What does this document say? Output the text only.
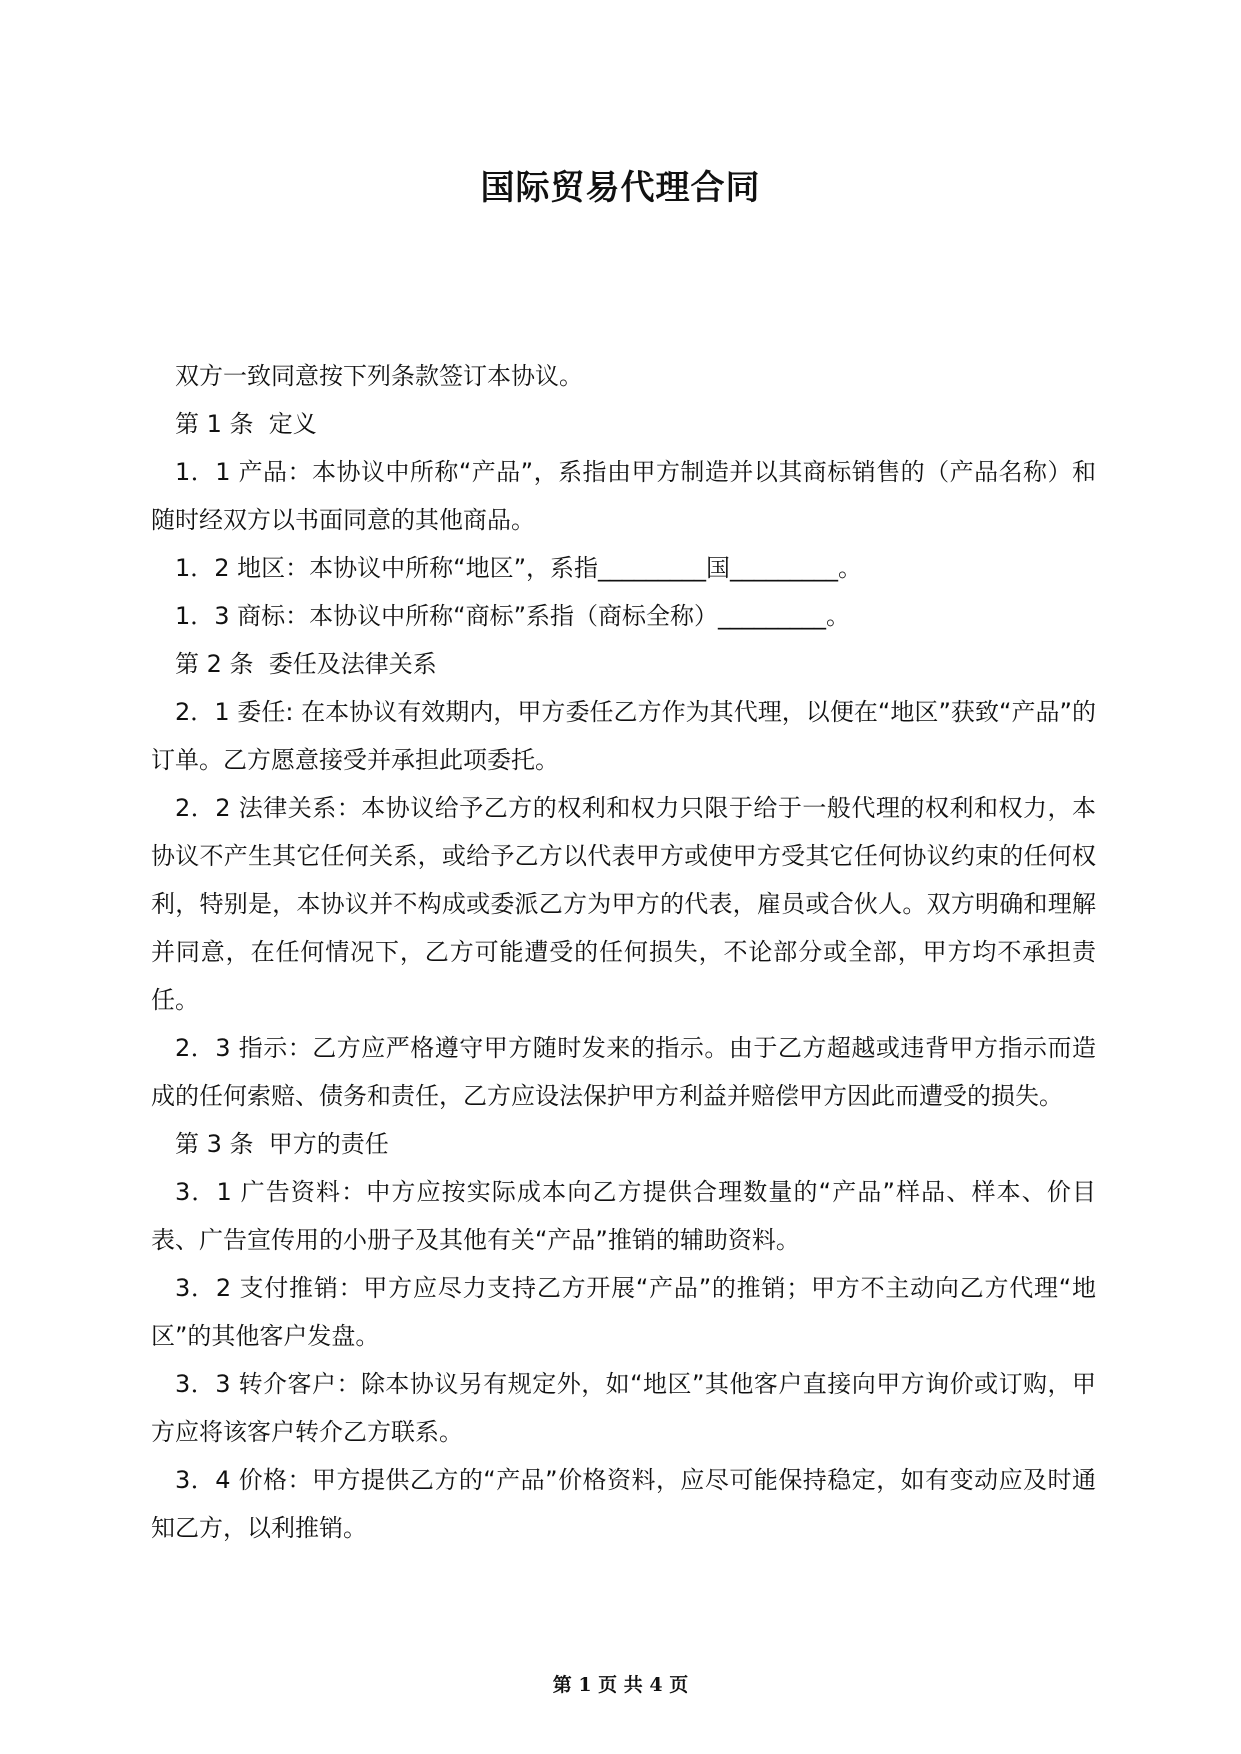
国际贸易代理合同

双方一致同意按下列条款签订本协议。

第 1 条  定义

1．1 产品：本协议中所称“产品”，系指由甲方制造并以其商标销售的（产品名称）和随时经双方以书面同意的其他商品。

1．2 地区：本协议中所称“地区”，系指_________国_________。

1．3 商标：本协议中所称“商标”系指（商标全称）_________。

第 2 条  委任及法律关系

2．1 委任: 在本协议有效期内，甲方委任乙方作为其代理，以便在“地区”获致“产品”的订单。乙方愿意接受并承担此项委托。

2．2 法律关系：本协议给予乙方的权利和权力只限于给于一般代理的权利和权力，本协议不产生其它任何关系，或给予乙方以代表甲方或使甲方受其它任何协议约束的任何权利，特别是，本协议并不构成或委派乙方为甲方的代表，雇员或合伙人。双方明确和理解并同意，在任何情况下，乙方可能遭受的任何损失，不论部分或全部，甲方均不承担责任。

2．3 指示：乙方应严格遵守甲方随时发来的指示。由于乙方超越或违背甲方指示而造成的任何索赔、债务和责任，乙方应设法保护甲方利益并赔偿甲方因此而遭受的损失。

第 3 条  甲方的责任

3．1 广告资料：中方应按实际成本向乙方提供合理数量的“产品”样品、样本、价目表、广告宣传用的小册子及其他有关“产品”推销的辅助资料。

3．2 支付推销：甲方应尽力支持乙方开展“产品”的推销；甲方不主动向乙方代理“地区”的其他客户发盘。

3．3 转介客户：除本协议另有规定外，如“地区”其他客户直接向甲方询价或订购，甲方应将该客户转介乙方联系。

3．4 价格：甲方提供乙方的“产品”价格资料，应尽可能保持稳定，如有变动应及时通知乙方，以利推销。

第 1 页 共 4 页
